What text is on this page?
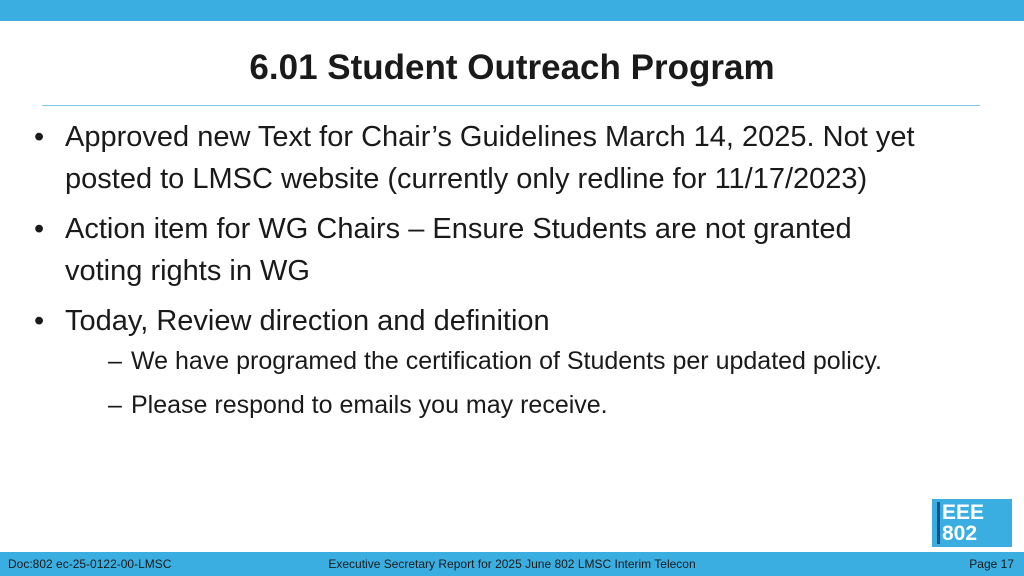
6.01 Student Outreach Program
• Approved new Text for Chair’s Guidelines March 14, 2025. Not yet posted to LMSC website (currently only redline for 11/17/2023)
• Action item for WG Chairs – Ensure Students are not granted voting rights in WG
• Today, Review direction and definition
– We have programed the certification of Students per updated policy.
– Please respond to emails you may receive.
EEE
802
Doc:802 ec-25-0122-00-LMSC	Executive Secretary Report for 2025 June 802 LMSC Interim Telecon	Page 17
